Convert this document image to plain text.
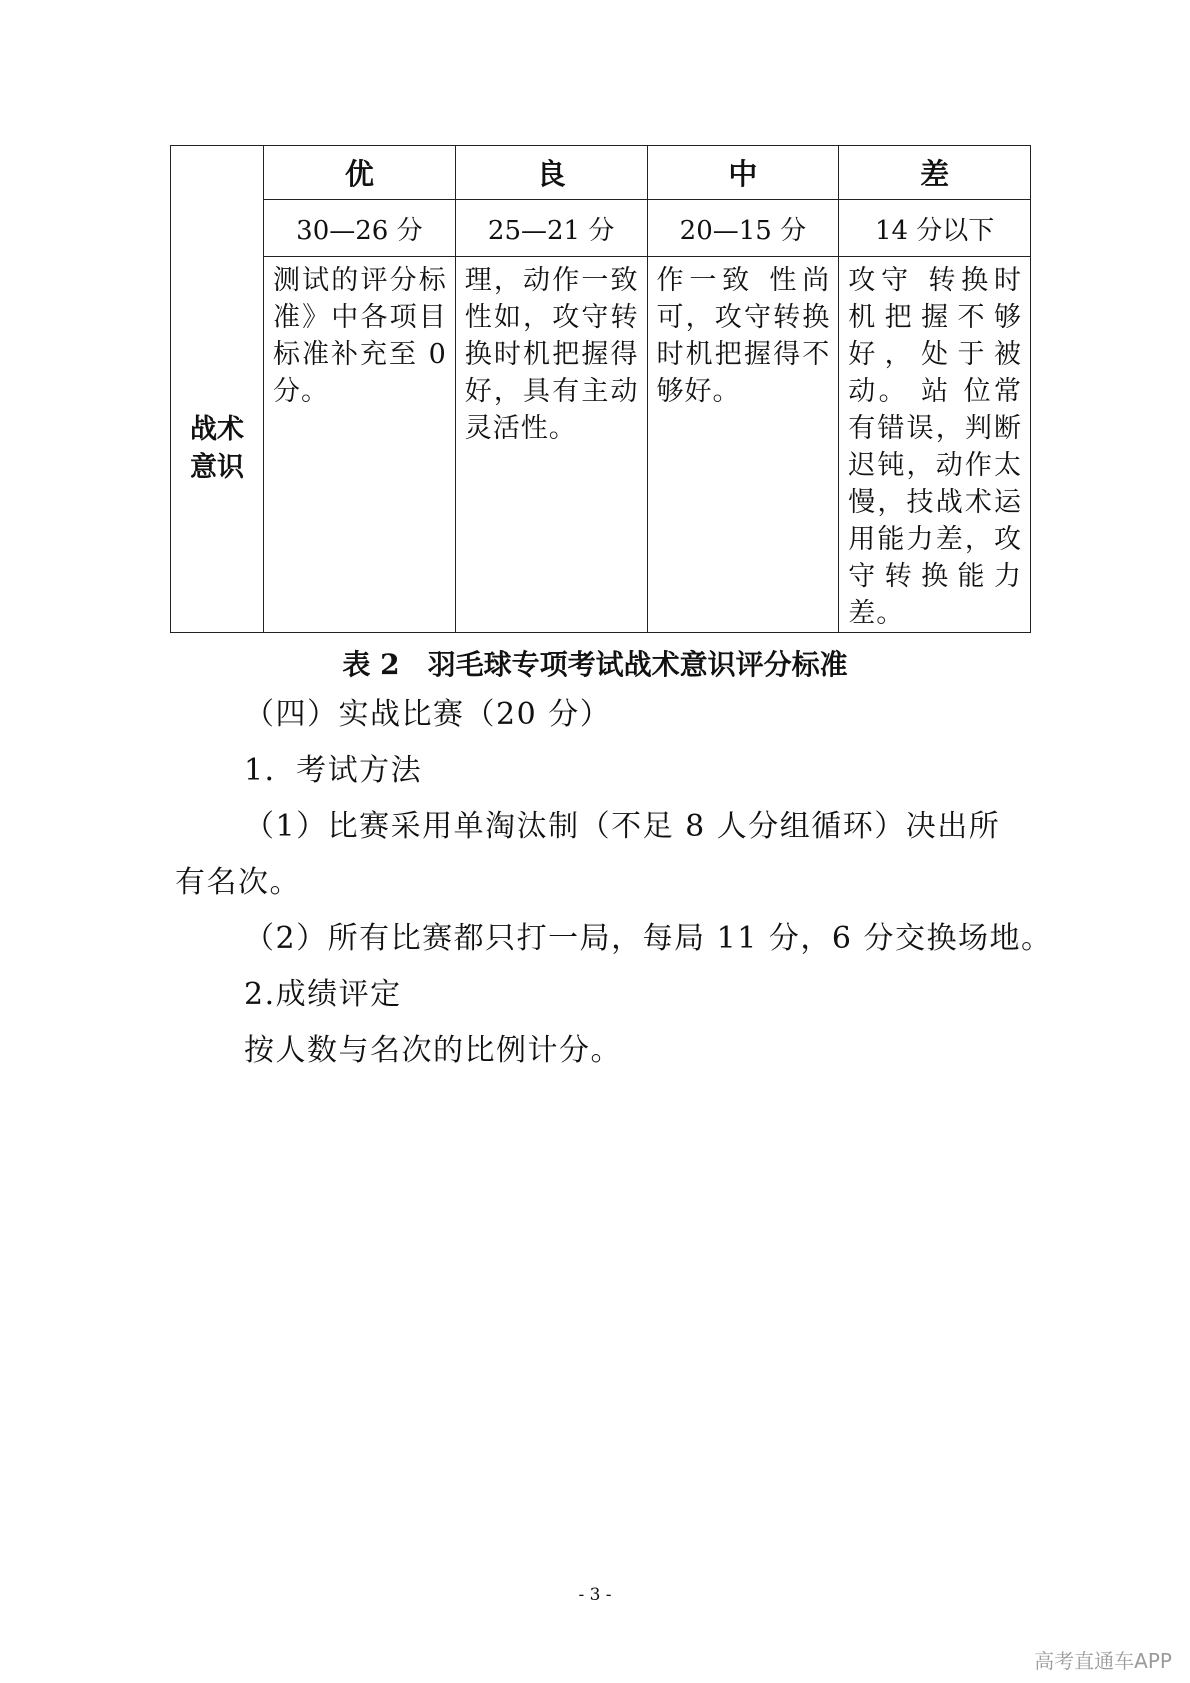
战术意识	优	良	中	差
	30—26 分	25—21 分	20—15 分	14 分以下

	测试的评分标准》中各项目标准补充至 0 分。	理，动作一致性如，攻守转换时机把握得好，具有主动灵活性。	作一致 性尚可，攻守转换时机把握得不够好。	攻守 转换时机把握不够好，处于被动。 站 位常有错误，判断迟钝，动作太慢，技战术运 用能力差，攻守转换能力差。
表 2　羽毛球专项考试战术意识评分标准
（四）实战比赛（20 分）
1．考试方法
（1）比赛采用单淘汰制（不足 8 人分组循环）决出所有名次。
（2）所有比赛都只打一局，每局 11 分，6 分交换场地。
2.成绩评定
按人数与名次的比例计分。
- 3 -
高考直通车APP
